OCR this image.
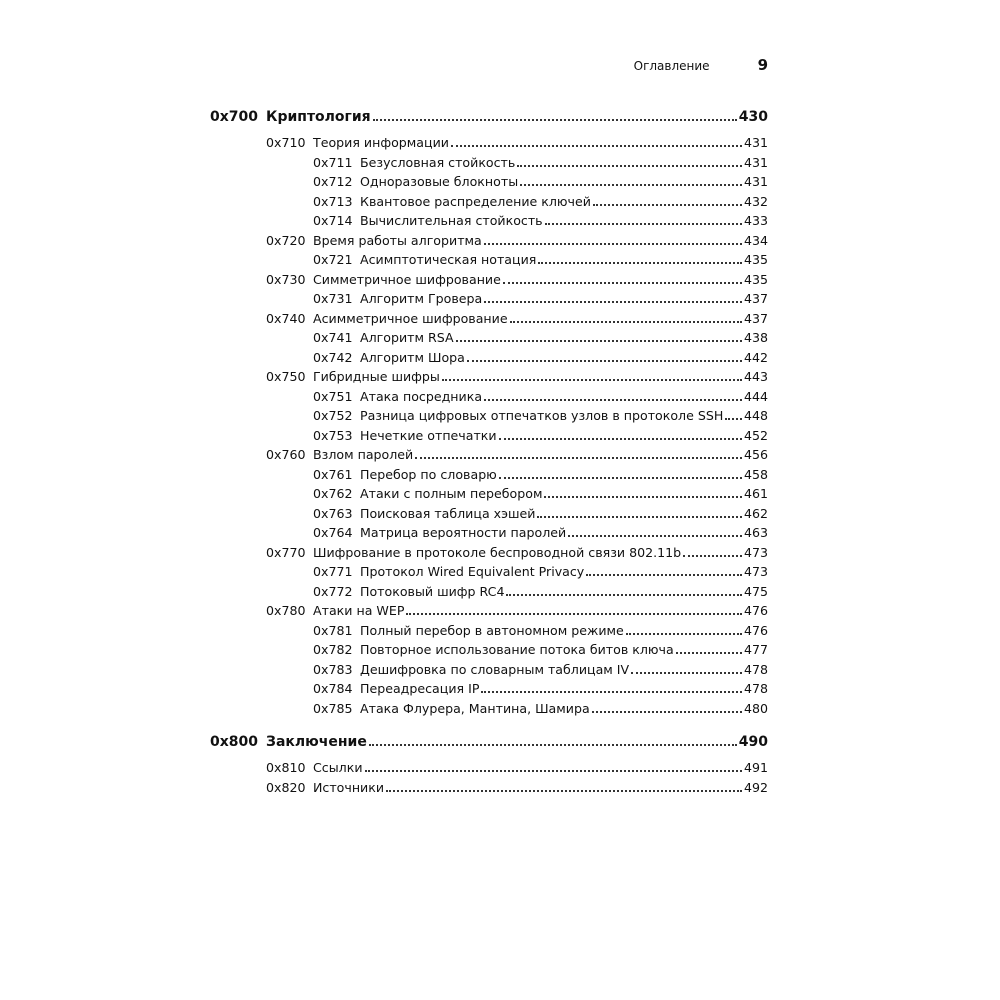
Оглавление	9
0x700 Криптология	430
0x710 Теория информации	431
0x711 Безусловная стойкость	431
0x712 Одноразовые блокноты	431
0x713 Квантовое распределение ключей	432
0x714 Вычислительная стойкость	433
0x720 Время работы алгоритма	434
0x721 Асимптотическая нотация	435
0x730 Симметричное шифрование	435
0x731 Алгоритм Гровера	437
0x740 Асимметричное шифрование	437
0x741 Алгоритм RSA	438
0x742 Алгоритм Шора	442
0x750 Гибридные шифры	443
0x751 Атака посредника	444
0x752 Разница цифровых отпечатков узлов в протоколе SSH 448
0x753 Нечеткие отпечатки	452
0x760 Взлом паролей	456
0x761 Перебор по словарю	458
0x762 Атаки с полным перебором	461
0x763 Поисковая таблица хэшей	462
0x764 Матрица вероятности паролей	463
0x770 Шифрование в протоколе беспроводной связи 802.11b	473
0x771 Протокол Wired Equivalent Privacy	473
0x772 Потоковый шифр RC4	475
0x780 Атаки на WEP	476
0x781 Полный перебор в автономном режиме	476
0x782 Повторное использование потока битов ключа	477
0x783 Дешифровка по словарным таблицам IV	478
0x784 Переадресация IP	478
0x785 Атака Флурера, Мантина, Шамира	480
0x800 Заключение	490
0x810 Ссылки	491
0x820 Источники	492
